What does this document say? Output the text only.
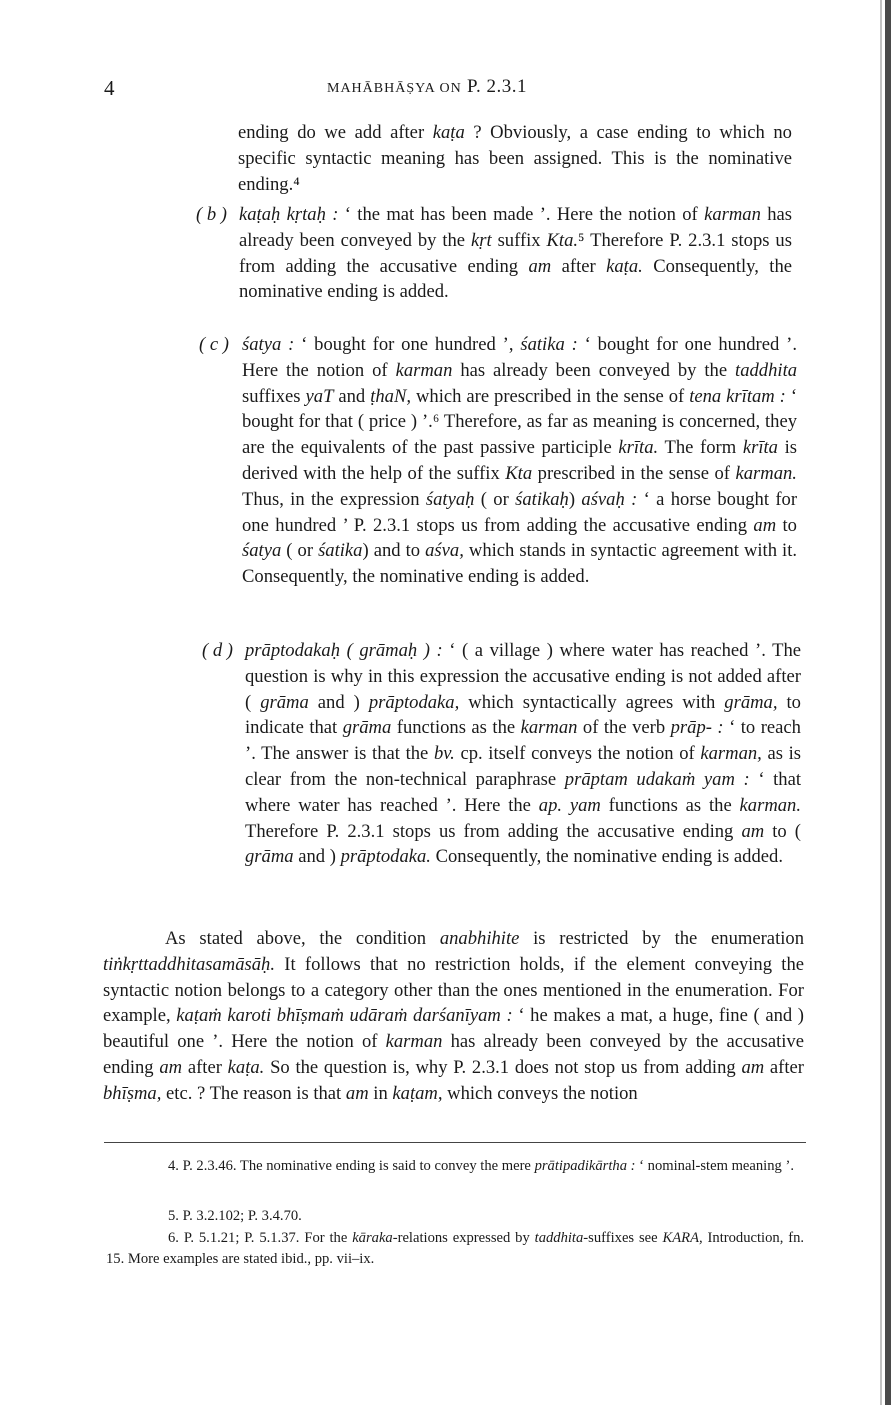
4	MAHĀBHĀṢYA ON P. 2.3.1
ending do we add after kaṭa ? Obviously, a case ending to which no specific syntactic meaning has been assigned. This is the nominative ending.⁴
( b ) kaṭaḥ kṛtaḥ : ‘ the mat has been made ’. Here the notion of karman has already been conveyed by the kṛt suffix Kta.⁵ Therefore P. 2.3.1 stops us from adding the accusative ending am after kaṭa. Consequently, the nominative ending is added.
( c ) śatya : ‘ bought for one hundred ’, śatika : ‘ bought for one hundred ’. Here the notion of karman has already been conveyed by the taddhita suffixes yaT and ṭhaN, which are prescribed in the sense of tena krītam : ‘ bought for that ( price ) ’.⁶ Therefore, as far as meaning is concerned, they are the equivalents of the past passive participle krīta. The form krīta is derived with the help of the suffix Kta prescribed in the sense of karman. Thus, in the expression śatyaḥ ( or śatikaḥ) aśvaḥ : ‘ a horse bought for one hundred ’ P. 2.3.1 stops us from adding the accusative ending am to śatya ( or śatika) and to aśva, which stands in syntactic agreement with it. Consequently, the nominative ending is added.
( d ) prāptodakaḥ ( grāmaḥ ) : ‘ ( a village ) where water has reached ’. The question is why in this expression the accusative ending is not added after ( grāma and ) prāptodaka, which syntactically agrees with grāma, to indicate that grāma functions as the karman of the verb prāp- : ‘ to reach ’. The answer is that the bv. cp. itself conveys the notion of karman, as is clear from the non-technical paraphrase prāptam udakaṁ yam : ‘ that where water has reached ’. Here the ap. yam functions as the karman. Therefore P. 2.3.1 stops us from adding the accusative ending am to ( grāma and ) prāptodaka. Consequently, the nominative ending is added.
As stated above, the condition anabhihite is restricted by the enumeration tiṅkṛttaddhitasamāsāḥ. It follows that no restriction holds, if the element conveying the syntactic notion belongs to a category other than the ones mentioned in the enumeration. For example, kaṭaṁ karoti bhīṣmaṁ udāraṁ darśanīyam : ‘ he makes a mat, a huge, fine ( and ) beautiful one ’. Here the notion of karman has already been conveyed by the accusative ending am after kaṭa. So the question is, why P. 2.3.1 does not stop us from adding am after bhīṣma, etc. ? The reason is that am in kaṭam, which conveys the notion
4. P. 2.3.46. The nominative ending is said to convey the mere prātipadikārtha : ‘ nominal-stem meaning ’.
5. P. 3.2.102; P. 3.4.70.
6. P. 5.1.21; P. 5.1.37. For the kāraka-relations expressed by taddhita-suffixes see KARA, Introduction, fn. 15. More examples are stated ibid., pp. vii–ix.
